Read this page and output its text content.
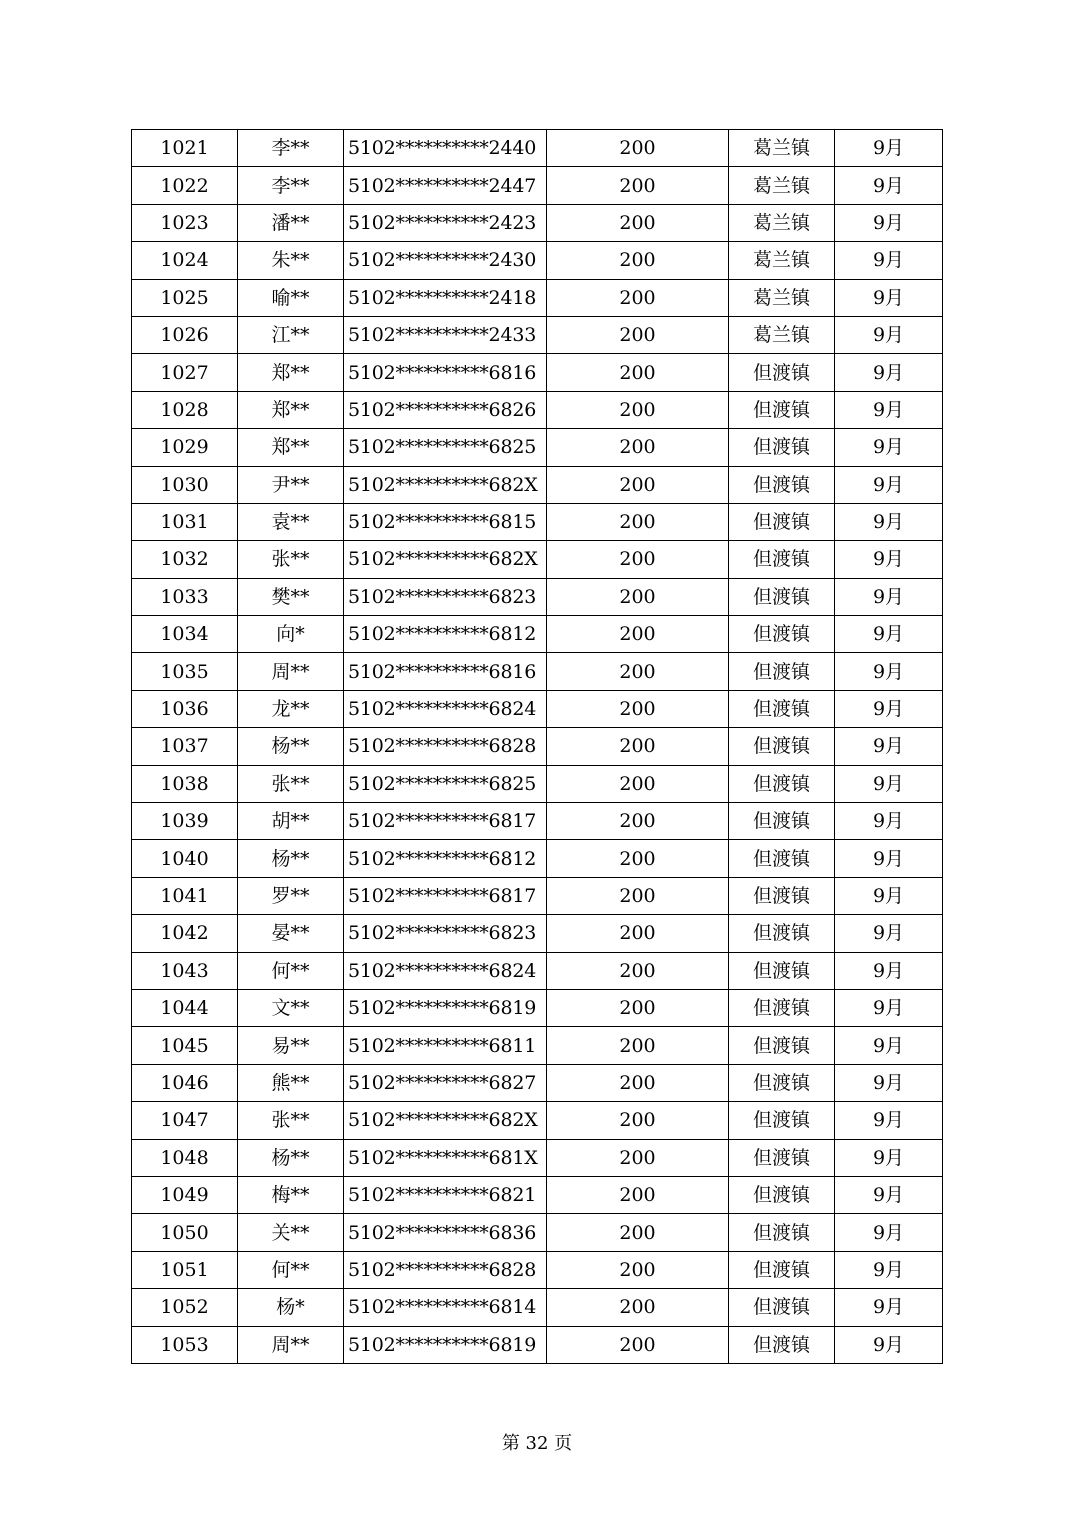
1021	李**	5102**********2440	200	葛兰镇	9月
1022	李**	5102**********2447	200	葛兰镇	9月
1023	潘**	5102**********2423	200	葛兰镇	9月
1024	朱**	5102**********2430	200	葛兰镇	9月
1025	喻**	5102**********2418	200	葛兰镇	9月
1026	江**	5102**********2433	200	葛兰镇	9月
1027	郑**	5102**********6816	200	但渡镇	9月
1028	郑**	5102**********6826	200	但渡镇	9月
1029	郑**	5102**********6825	200	但渡镇	9月
1030	尹**	5102**********682X	200	但渡镇	9月
1031	袁**	5102**********6815	200	但渡镇	9月
1032	张**	5102**********682X	200	但渡镇	9月
1033	樊**	5102**********6823	200	但渡镇	9月
1034	向*	5102**********6812	200	但渡镇	9月
1035	周**	5102**********6816	200	但渡镇	9月
1036	龙**	5102**********6824	200	但渡镇	9月
1037	杨**	5102**********6828	200	但渡镇	9月
1038	张**	5102**********6825	200	但渡镇	9月
1039	胡**	5102**********6817	200	但渡镇	9月
1040	杨**	5102**********6812	200	但渡镇	9月
1041	罗**	5102**********6817	200	但渡镇	9月
1042	晏**	5102**********6823	200	但渡镇	9月
1043	何**	5102**********6824	200	但渡镇	9月
1044	文**	5102**********6819	200	但渡镇	9月
1045	易**	5102**********6811	200	但渡镇	9月
1046	熊**	5102**********6827	200	但渡镇	9月
1047	张**	5102**********682X	200	但渡镇	9月
1048	杨**	5102**********681X	200	但渡镇	9月
1049	梅**	5102**********6821	200	但渡镇	9月
1050	关**	5102**********6836	200	但渡镇	9月
1051	何**	5102**********6828	200	但渡镇	9月
1052	杨*	5102**********6814	200	但渡镇	9月
1053	周**	5102**********6819	200	但渡镇	9月
第 32 页
